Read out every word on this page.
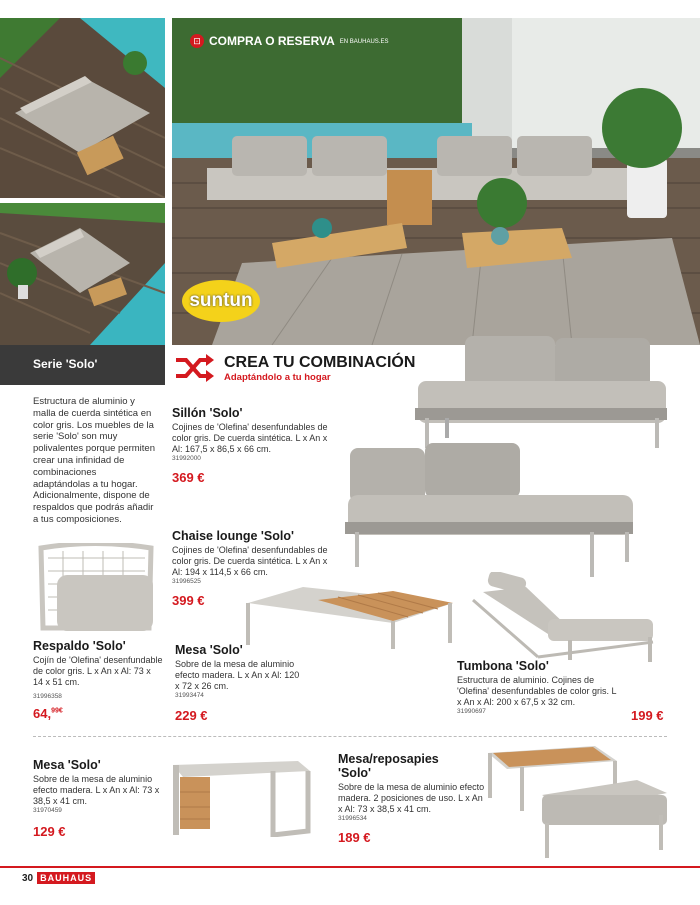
⊡ COMPRA O RESERVA EN BAUHAUS.ES
suntun
Serie 'Solo'	CREA TU COMBINACIÓN
Adaptándolo a tu hogar
Estructura de aluminio y malla de cuerda sintética en color gris. Los muebles de la serie 'Solo' son muy polivalentes porque permiten crear una infinidad de combinaciones adaptándolas a tu hogar. Adicionalmente, dispone de respaldos que podrás añadir a tus composiciones.
Sillón 'Solo'
Cojines de 'Olefina' desenfundables de color gris. De cuerda sintética. L x An x Al: 167,5 x 86,5 x 66 cm.
31992000
369 €
Chaise lounge 'Solo'
Cojines de 'Olefina' desenfundables de color gris. De cuerda sintética. L x An x Al: 194 x 114,5 x 66 cm.
31996525
399 €
Respaldo 'Solo'
Cojín de 'Olefina' desenfundable de color gris. L x An x Al: 73 x 14 x 51 cm.
31996358
64,$^{99€}$
Mesa 'Solo'
Sobre de la mesa de aluminio efecto madera. L x An x Al: 120 x 72 x 26 cm.
31993474
229 €
Tumbona 'Solo'
Estructura de aluminio. Cojines de 'Olefina' desenfundables de color gris. L x An x Al: 200 x 67,5 x 32 cm.
31990697	199 €
Mesa 'Solo'
Sobre de la mesa de aluminio efecto madera. L x An x Al: 73 x 38,5 x 41 cm.
31970459
129 €
Mesa/reposapies
'Solo'
Sobre de la mesa de aluminio efecto madera. 2 posiciones de uso. L x An x Al: 73 x 38,5 x 41 cm.
31996534
189 €
30 BAUHAUS
